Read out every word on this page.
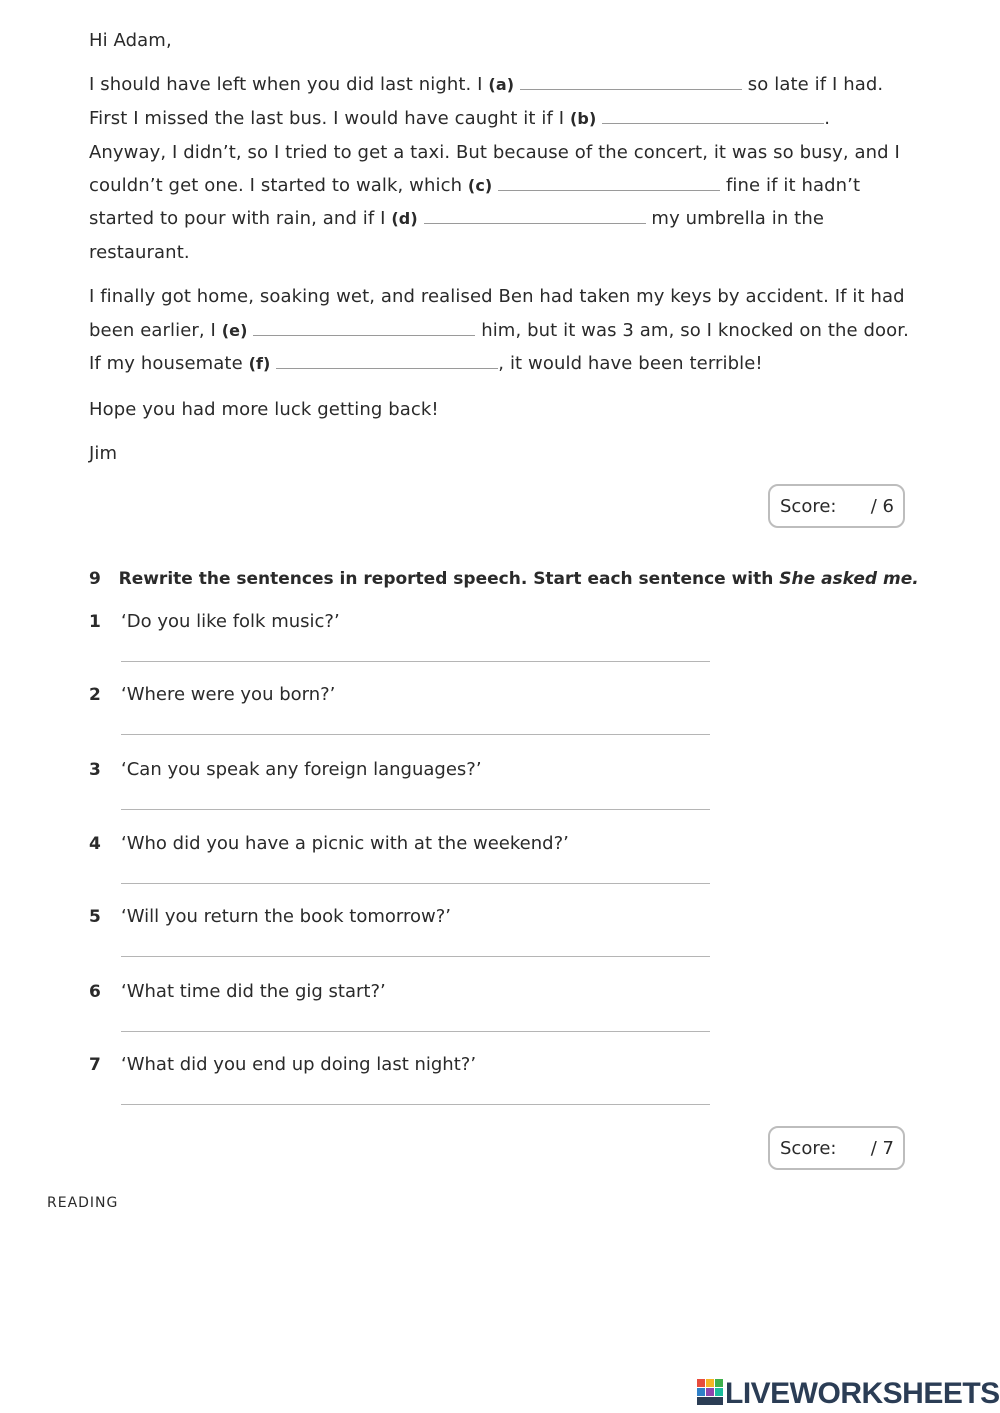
Hi Adam,
I should have left when you did last night. I (a)	so late if I had.
First I missed the last bus. I would have caught it if I (b)	.
Anyway, I didn’t, so I tried to get a taxi. But because of the concert, it was so busy, and I
couldn’t get one. I started to walk, which (c)	fine if it hadn’t
started to pour with rain, and if I (d)	my umbrella in the
restaurant.
I finally got home, soaking wet, and realised Ben had taken my keys by accident. If it had
been earlier, I (e)	him, but it was 3 am, so I knocked on the door.
If my housemate (f)	, it would have been terrible!
Hope you had more luck getting back!
Jim
Score: / 6
9 Rewrite the sentences in reported speech. Start each sentence with She asked me.
1 ‘Do you like folk music?’
2 ‘Where were you born?’
3 ‘Can you speak any foreign languages?’
4 ‘Who did you have a picnic with at the weekend?’
5 ‘Will you return the book tomorrow?’
6 ‘What time did the gig start?’
7 ‘What did you end up doing last night?’
Score: / 7
READING
LIVEWORKSHEETS
